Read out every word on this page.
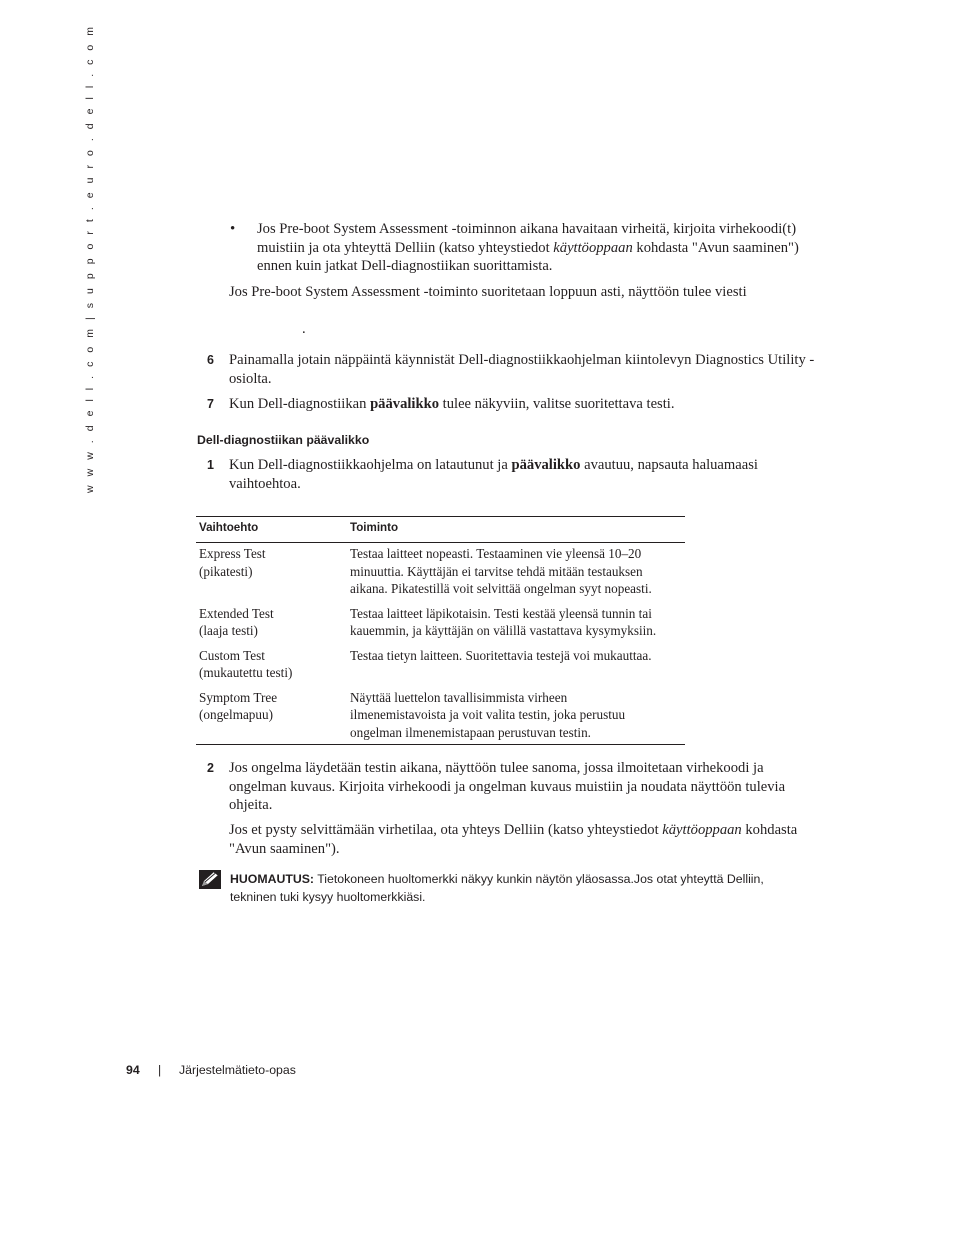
w w w . d e l l . c o m | s u p p o r t . e u r o . d e l l . c o m	• Jos Pre-boot System Assessment -toiminnon aikana havaitaan virheitä, kirjoita virhekoodi(t) muistiin ja ota yhteyttä Delliin (katso yhteystiedot käyttöoppaan kohdasta "Avun saaminen") ennen kuin jatkat Dell-diagnostiikan suorittamista.
Jos Pre-boot System Assessment -toiminto suoritetaan loppuun asti, näyttöön tulee viesti
.
6 Painamalla jotain näppäintä käynnistät Dell-diagnostiikkaohjelman kiintolevyn Diagnostics Utility -osiolta.
7 Kun Dell-diagnostiikan päävalikko tulee näkyviin, valitse suoritettava testi.
Dell-diagnostiikan päävalikko
1 Kun Dell-diagnostiikkaohjelma on latautunut ja päävalikko avautuu, napsauta haluamaasi vaihtoehtoa.
Vaihtoehto	Toiminto

Express Test
(pikatesti)	Testaa laitteet nopeasti. Testaaminen vie yleensä 10–20
minuuttia. Käyttäjän ei tarvitse tehdä mitään testauksen
aikana. Pikatestillä voit selvittää ongelman syyt nopeasti.

Extended Test
(laaja testi)	Testaa laitteet läpikotaisin. Testi kestää yleensä tunnin tai
kauemmin, ja käyttäjän on välillä vastattava kysymyksiin.

Custom Test
(mukautettu testi)	Testaa tietyn laitteen. Suoritettavia testejä voi mukauttaa.

Symptom Tree
(ongelmapuu)	Näyttää luettelon tavallisimmista virheen
ilmenemistavoista ja voit valita testin, joka perustuu
ongelman ilmenemistapaan perustuvan testin.
2 Jos ongelma läydetään testin aikana, näyttöön tulee sanoma, jossa ilmoitetaan virhekoodi ja ongelman kuvaus. Kirjoita virhekoodi ja ongelman kuvaus muistiin ja noudata näyttöön tulevia ohjeita.
Jos et pysty selvittämään virhetilaa, ota yhteys Delliin (katso yhteystiedot käyttöoppaan kohdasta "Avun saaminen").
HUOMAUTUS: Tietokoneen huoltomerkki näkyy kunkin näytön yläosassa.Jos otat yhteyttä Delliin, tekninen tuki kysyy huoltomerkkiäsi.
94 | Järjestelmätieto-opas
